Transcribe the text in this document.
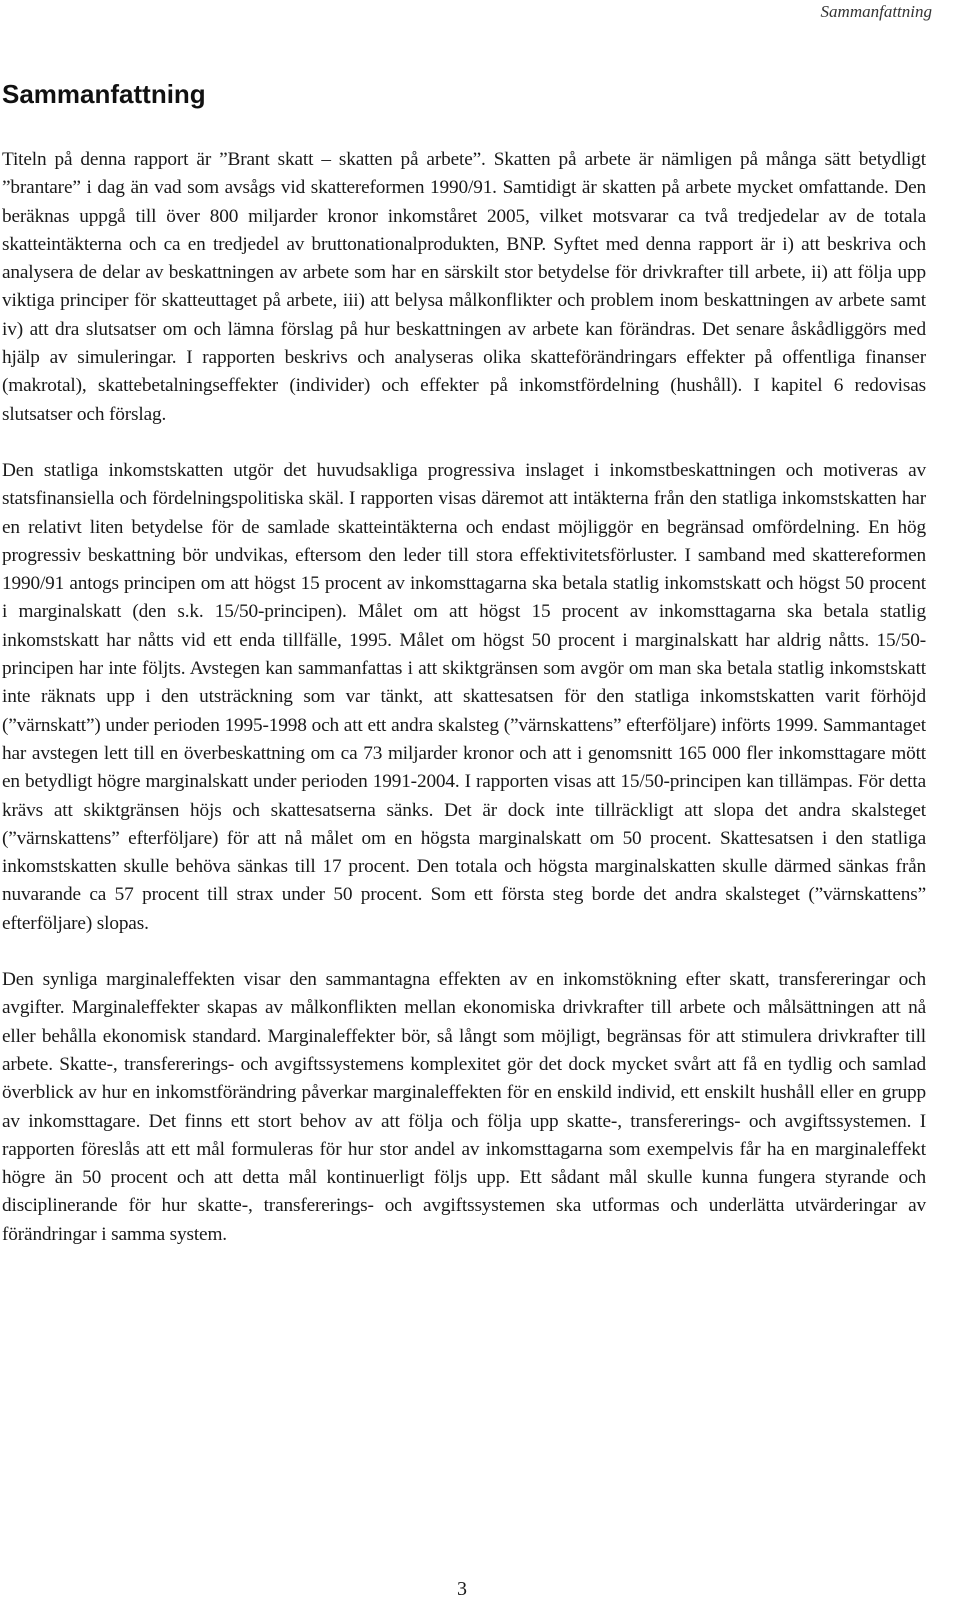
Sammanfattning
Sammanfattning

Titeln på denna rapport är ”Brant skatt – skatten på arbete”. Skatten på arbete är nämligen på många sätt betydligt ”brantare” i dag än vad som avsågs vid skattereformen 1990/91. Samtidigt är skatten på arbete mycket omfattande. Den beräknas uppgå till över 800 miljarder kronor inkomståret 2005, vilket motsvarar ca två tredjedelar av de totala skatteintäkterna och ca en tredjedel av bruttonationalprodukten, BNP. Syftet med denna rapport är i) att beskriva och analysera de delar av beskattningen av arbete som har en särskilt stor betydelse för drivkrafter till arbete, ii) att följa upp viktiga principer för skatteuttaget på arbete, iii) att belysa målkonflikter och problem inom beskattningen av arbete samt iv) att dra slutsatser om och lämna förslag på hur beskattningen av arbete kan förändras. Det senare åskådliggörs med hjälp av simuleringar. I rapporten beskrivs och analyseras olika skatteförändringars effekter på offentliga finanser (makrotal), skattebetalningseffekter (individer) och effekter på inkomstfördelning (hushåll). I kapitel 6 redovisas slutsatser och förslag.

Den statliga inkomstskatten utgör det huvudsakliga progressiva inslaget i inkomstbeskattningen och motiveras av statsfinansiella och fördelningspolitiska skäl. I rapporten visas däremot att intäkterna från den statliga inkomstskatten har en relativt liten betydelse för de samlade skatteintäkterna och endast möjliggör en begränsad omfördelning. En hög progressiv beskattning bör undvikas, eftersom den leder till stora effektivitetsförluster. I samband med skattereformen 1990/91 antogs principen om att högst 15 procent av inkomsttagarna ska betala statlig inkomstskatt och högst 50 procent i marginalskatt (den s.k. 15/50-principen). Målet om att högst 15 procent av inkomsttagarna ska betala statlig inkomstskatt har nåtts vid ett enda tillfälle, 1995. Målet om högst 50 procent i marginalskatt har aldrig nåtts. 15/50-principen har inte följts. Avstegen kan sammanfattas i att skiktgränsen som avgör om man ska betala statlig inkomstskatt inte räknats upp i den utsträckning som var tänkt, att skattesatsen för den statliga inkomstskatten varit förhöjd (”värnskatt”) under perioden 1995-1998 och att ett andra skalsteg (”värnskattens” efterföljare) införts 1999. Sammantaget har avstegen lett till en överbeskattning om ca 73 miljarder kronor och att i genomsnitt 165 000 fler inkomsttagare mött en betydligt högre marginalskatt under perioden 1991-2004. I rapporten visas att 15/50-principen kan tillämpas. För detta krävs att skiktgränsen höjs och skattesatserna sänks. Det är dock inte tillräckligt att slopa det andra skalsteget (”värnskattens” efterföljare) för att nå målet om en högsta marginalskatt om 50 procent. Skattesatsen i den statliga inkomstskatten skulle behöva sänkas till 17 procent. Den totala och högsta marginalskatten skulle därmed sänkas från nuvarande ca 57 procent till strax under 50 procent. Som ett första steg borde det andra skalsteget (”värnskattens” efterföljare) slopas.

Den synliga marginaleffekten visar den sammantagna effekten av en inkomstökning efter skatt, transfereringar och avgifter. Marginaleffekter skapas av målkonflikten mellan ekonomiska drivkrafter till arbete och målsättningen att nå eller behålla ekonomisk standard. Marginaleffekter bör, så långt som möjligt, begränsas för att stimulera drivkrafter till arbete. Skatte-, transfererings- och avgiftssystemens komplexitet gör det dock mycket svårt att få en tydlig och samlad överblick av hur en inkomstförändring påverkar marginaleffekten för en enskild individ, ett enskilt hushåll eller en grupp av inkomsttagare. Det finns ett stort behov av att följa och följa upp skatte-, transfererings- och avgiftssystemen. I rapporten föreslås att ett mål formuleras för hur stor andel av inkomsttagarna som exempelvis får ha en marginaleffekt högre än 50 procent och att detta mål kontinuerligt följs upp. Ett sådant mål skulle kunna fungera styrande och disciplinerande för hur skatte-, transfererings- och avgiftssystemen ska utformas och underlätta utvärderingar av förändringar i samma system.

3
